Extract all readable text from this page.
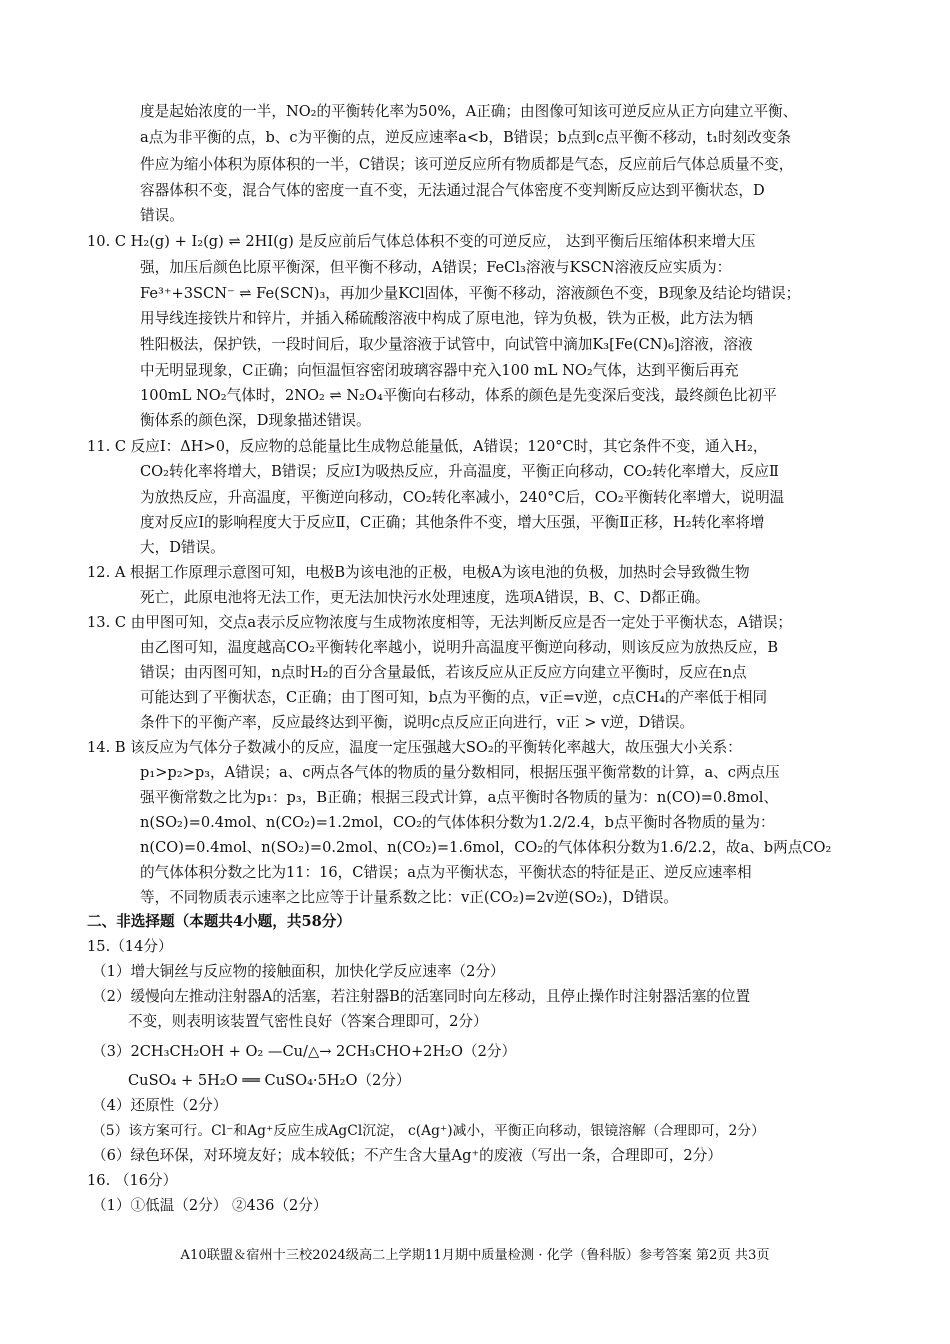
度是起始浓度的一半，NO₂的平衡转化率为50%，A正确；由图像可知该可逆反应从正方向建立平衡、
a点为非平衡的点，b、c为平衡的点，逆反应速率a<b，B错误；b点到c点平衡不移动，t₁时刻改变条
件应为缩小体积为原体积的一半，C错误；该可逆反应所有物质都是气态，反应前后气体总质量不变，
容器体积不变，混合气体的密度一直不变，无法通过混合气体密度不变判断反应达到平衡状态，D
错误。
10. C H₂(g) + I₂(g) ⇌ 2HI(g) 是反应前后气体总体积不变的可逆反应， 达到平衡后压缩体积来增大压
强，加压后颜色比原平衡深，但平衡不移动，A错误；FeCl₃溶液与KSCN溶液反应实质为：
Fe³⁺+3SCN⁻ ⇌ Fe(SCN)₃，再加少量KCl固体，平衡不移动，溶液颜色不变，B现象及结论均错误；
用导线连接铁片和锌片，并插入稀硫酸溶液中构成了原电池，锌为负极，铁为正极，此方法为牺
牲阳极法，保护铁，一段时间后，取少量溶液于试管中，向试管中滴加K₃[Fe(CN)₆]溶液，溶液
中无明显现象，C正确；向恒温恒容密闭玻璃容器中充入100 mL NO₂气体，达到平衡后再充
100mL NO₂气体时，2NO₂ ⇌ N₂O₄平衡向右移动，体系的颜色是先变深后变浅，最终颜色比初平
衡体系的颜色深，D现象描述错误。
11. C 反应Ⅰ：ΔH>0，反应物的总能量比生成物总能量低，A错误；120°C时，其它条件不变，通入H₂，
CO₂转化率将增大，B错误；反应Ⅰ为吸热反应，升高温度，平衡正向移动，CO₂转化率增大，反应Ⅱ
为放热反应，升高温度，平衡逆向移动，CO₂转化率减小，240°C后，CO₂平衡转化率增大，说明温
度对反应Ⅰ的影响程度大于反应Ⅱ，C正确；其他条件不变，增大压强，平衡Ⅱ正移，H₂转化率将增
大，D错误。
12. A 根据工作原理示意图可知，电极B为该电池的正极，电极A为该电池的负极，加热时会导致微生物
死亡，此原电池将无法工作，更无法加快污水处理速度，选项A错误，B、C、D都正确。
13. C 由甲图可知，交点a表示反应物浓度与生成物浓度相等，无法判断反应是否一定处于平衡状态，A错误；
由乙图可知，温度越高CO₂平衡转化率越小，说明升高温度平衡逆向移动，则该反应为放热反应，B
错误；由丙图可知，n点时H₂的百分含量最低，若该反应从正反应方向建立平衡时，反应在n点
可能达到了平衡状态，C正确；由丁图可知，b点为平衡的点，v正=v逆，c点CH₄的产率低于相同
条件下的平衡产率，反应最终达到平衡，说明c点反应正向进行，v正 > v逆，D错误。
14. B 该反应为气体分子数减小的反应，温度一定压强越大SO₂的平衡转化率越大，故压强大小关系：
p₁>p₂>p₃，A错误；a、c两点各气体的物质的量分数相同，根据压强平衡常数的计算，a、c两点压
强平衡常数之比为p₁：p₃，B正确；根据三段式计算，a点平衡时各物质的量为：n(CO)=0.8mol、
n(SO₂)=0.4mol、n(CO₂)=1.2mol，CO₂的气体体积分数为1.2/2.4，b点平衡时各物质的量为：
n(CO)=0.4mol、n(SO₂)=0.2mol、n(CO₂)=1.6mol，CO₂的气体体积分数为1.6/2.2，故a、b两点CO₂
的气体体积分数之比为11：16，C错误；a点为平衡状态，平衡状态的特征是正、逆反应速率相
等，不同物质表示速率之比应等于计量系数之比：v正(CO₂)=2v逆(SO₂)，D错误。
二、非选择题（本题共4小题，共58分）
15.（14分）
（1）增大铜丝与反应物的接触面积，加快化学反应速率（2分）
（2）缓慢向左推动注射器A的活塞，若注射器B的活塞同时向左移动，且停止操作时注射器活塞的位置
不变，则表明该装置气密性良好（答案合理即可，2分）
（3）2CH₃CH₂OH + O₂ —Cu/△→ 2CH₃CHO+2H₂O（2分）
CuSO₄ + 5H₂O ══ CuSO₄·5H₂O（2分）
（4）还原性（2分）
（5）该方案可行。Cl⁻和Ag⁺反应生成AgCl沉淀， c(Ag⁺)减小，平衡正向移动，银镜溶解（合理即可，2分）
（6）绿色环保，对环境友好；成本较低；不产生含大量Ag⁺的废液（写出一条，合理即可，2分）
16. （16分）
（1）①低温（2分） ②436（2分）
A10联盟＆宿州十三校2024级高二上学期11月期中质量检测 · 化学（鲁科版）参考答案 第2页 共3页
